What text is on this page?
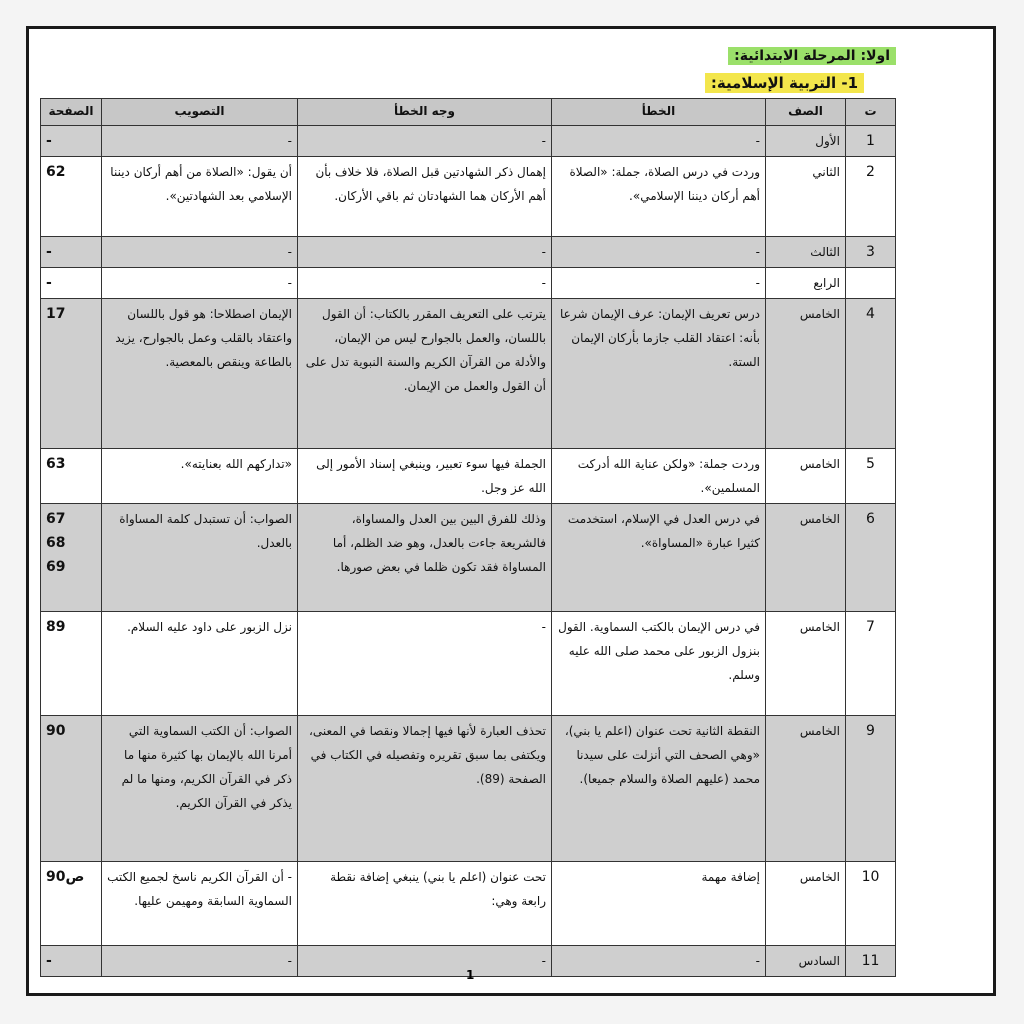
اولا: المرحلة الابتدائية:
1- التربية الإسلامية:
ت	الصف	الخطأ	وجه الخطأ	التصويب	الصفحة
1	الأول	-	-	-	-
2	الثاني	وردت في درس الصلاة، جملة: «الصلاة أهم أركان ديننا الإسلامي».	إهمال ذكر الشهادتين قبل الصلاة، فلا خلاف بأن أهم الأركان هما الشهادتان ثم باقي الأركان.	أن يقول: «الصلاة من أهم أركان ديننا الإسلامي بعد الشهادتين».	62
3	الثالث	-	-	-	-
	الرابع	-	-	-	-
4	الخامس	درس تعريف الإيمان: عرف الإيمان شرعا بأنه: اعتقاد القلب جازما بأركان الإيمان الستة.	يترتب على التعريف المقرر بالكتاب: أن القول باللسان، والعمل بالجوارح ليس من الإيمان، والأدلة من القرآن الكريم والسنة النبوية تدل على أن القول والعمل من الإيمان.	الإيمان اصطلاحا: هو قول باللسان واعتقاد بالقلب وعمل بالجوارح، يزيد بالطاعة وينقص بالمعصية.	17
5	الخامس	وردت جملة: «ولكن عناية الله أدركت المسلمين».	الجملة فيها سوء تعبير، وينبغي إسناد الأمور إلى الله عز وجل.	«تداركهم الله بعنايته».	63
6	الخامس	في درس العدل في الإسلام، استخدمت كثيرا عبارة «المساواة».	وذلك للفرق البين بين العدل والمساواة، فالشريعة جاءت بالعدل، وهو ضد الظلم، أما المساواة فقد تكون ظلما في بعض صورها.	الصواب: أن تستبدل كلمة المساواة بالعدل.	67
68
69
7	الخامس	في درس الإيمان بالكتب السماوية. القول بنزول الزبور على محمد صلى الله عليه وسلم.	-	نزل الزبور على داود عليه السلام.	89
9	الخامس	النقطة الثانية تحت عنوان (اعلم يا بني)، «وهي الصحف التي أنزلت على سيدنا محمد (عليهم الصلاة والسلام جميعا).	تحذف العبارة لأنها فيها إجمالا ونقصا في المعنى، ويكتفى بما سبق تقريره وتفصيله في الكتاب في الصفحة (89).	الصواب: أن الكتب السماوية التي أمرنا الله بالإيمان بها كثيرة منها ما ذكر في القرآن الكريم، ومنها ما لم يذكر في القرآن الكريم.	90
10	الخامس	إضافة مهمة	تحت عنوان (اعلم يا بني) ينبغي إضافة نقطة رابعة وهي:	- أن القرآن الكريم ناسخ لجميع الكتب السماوية السابقة ومهيمن عليها.	ص90
11	السادس	-	-	-	-
1
